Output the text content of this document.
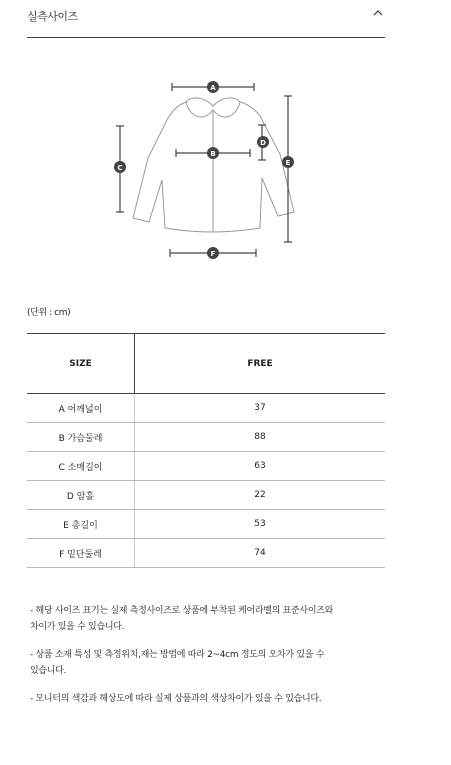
실측사이즈
A
B
C
D
E
F
(단위 : cm)
SIZE	FREE
A 어깨넓이	37
B 가슴둘레	88
C 소매길이	63
D 암홀	22
E 총길이	53
F 밑단둘레	74

- 해당 사이즈 표기는 실제 측정사이즈로 상품에 부착된 케어라벨의 표준사이즈와
차이가 있을 수 있습니다.

- 상품 소재 특성 및 측정위치,재는 방법에 따라 2~4cm 정도의 오차가 있을 수
있습니다.

- 모니터의 색감과 해상도에 따라 실제 상품과의 색상차이가 있을 수 있습니다.
